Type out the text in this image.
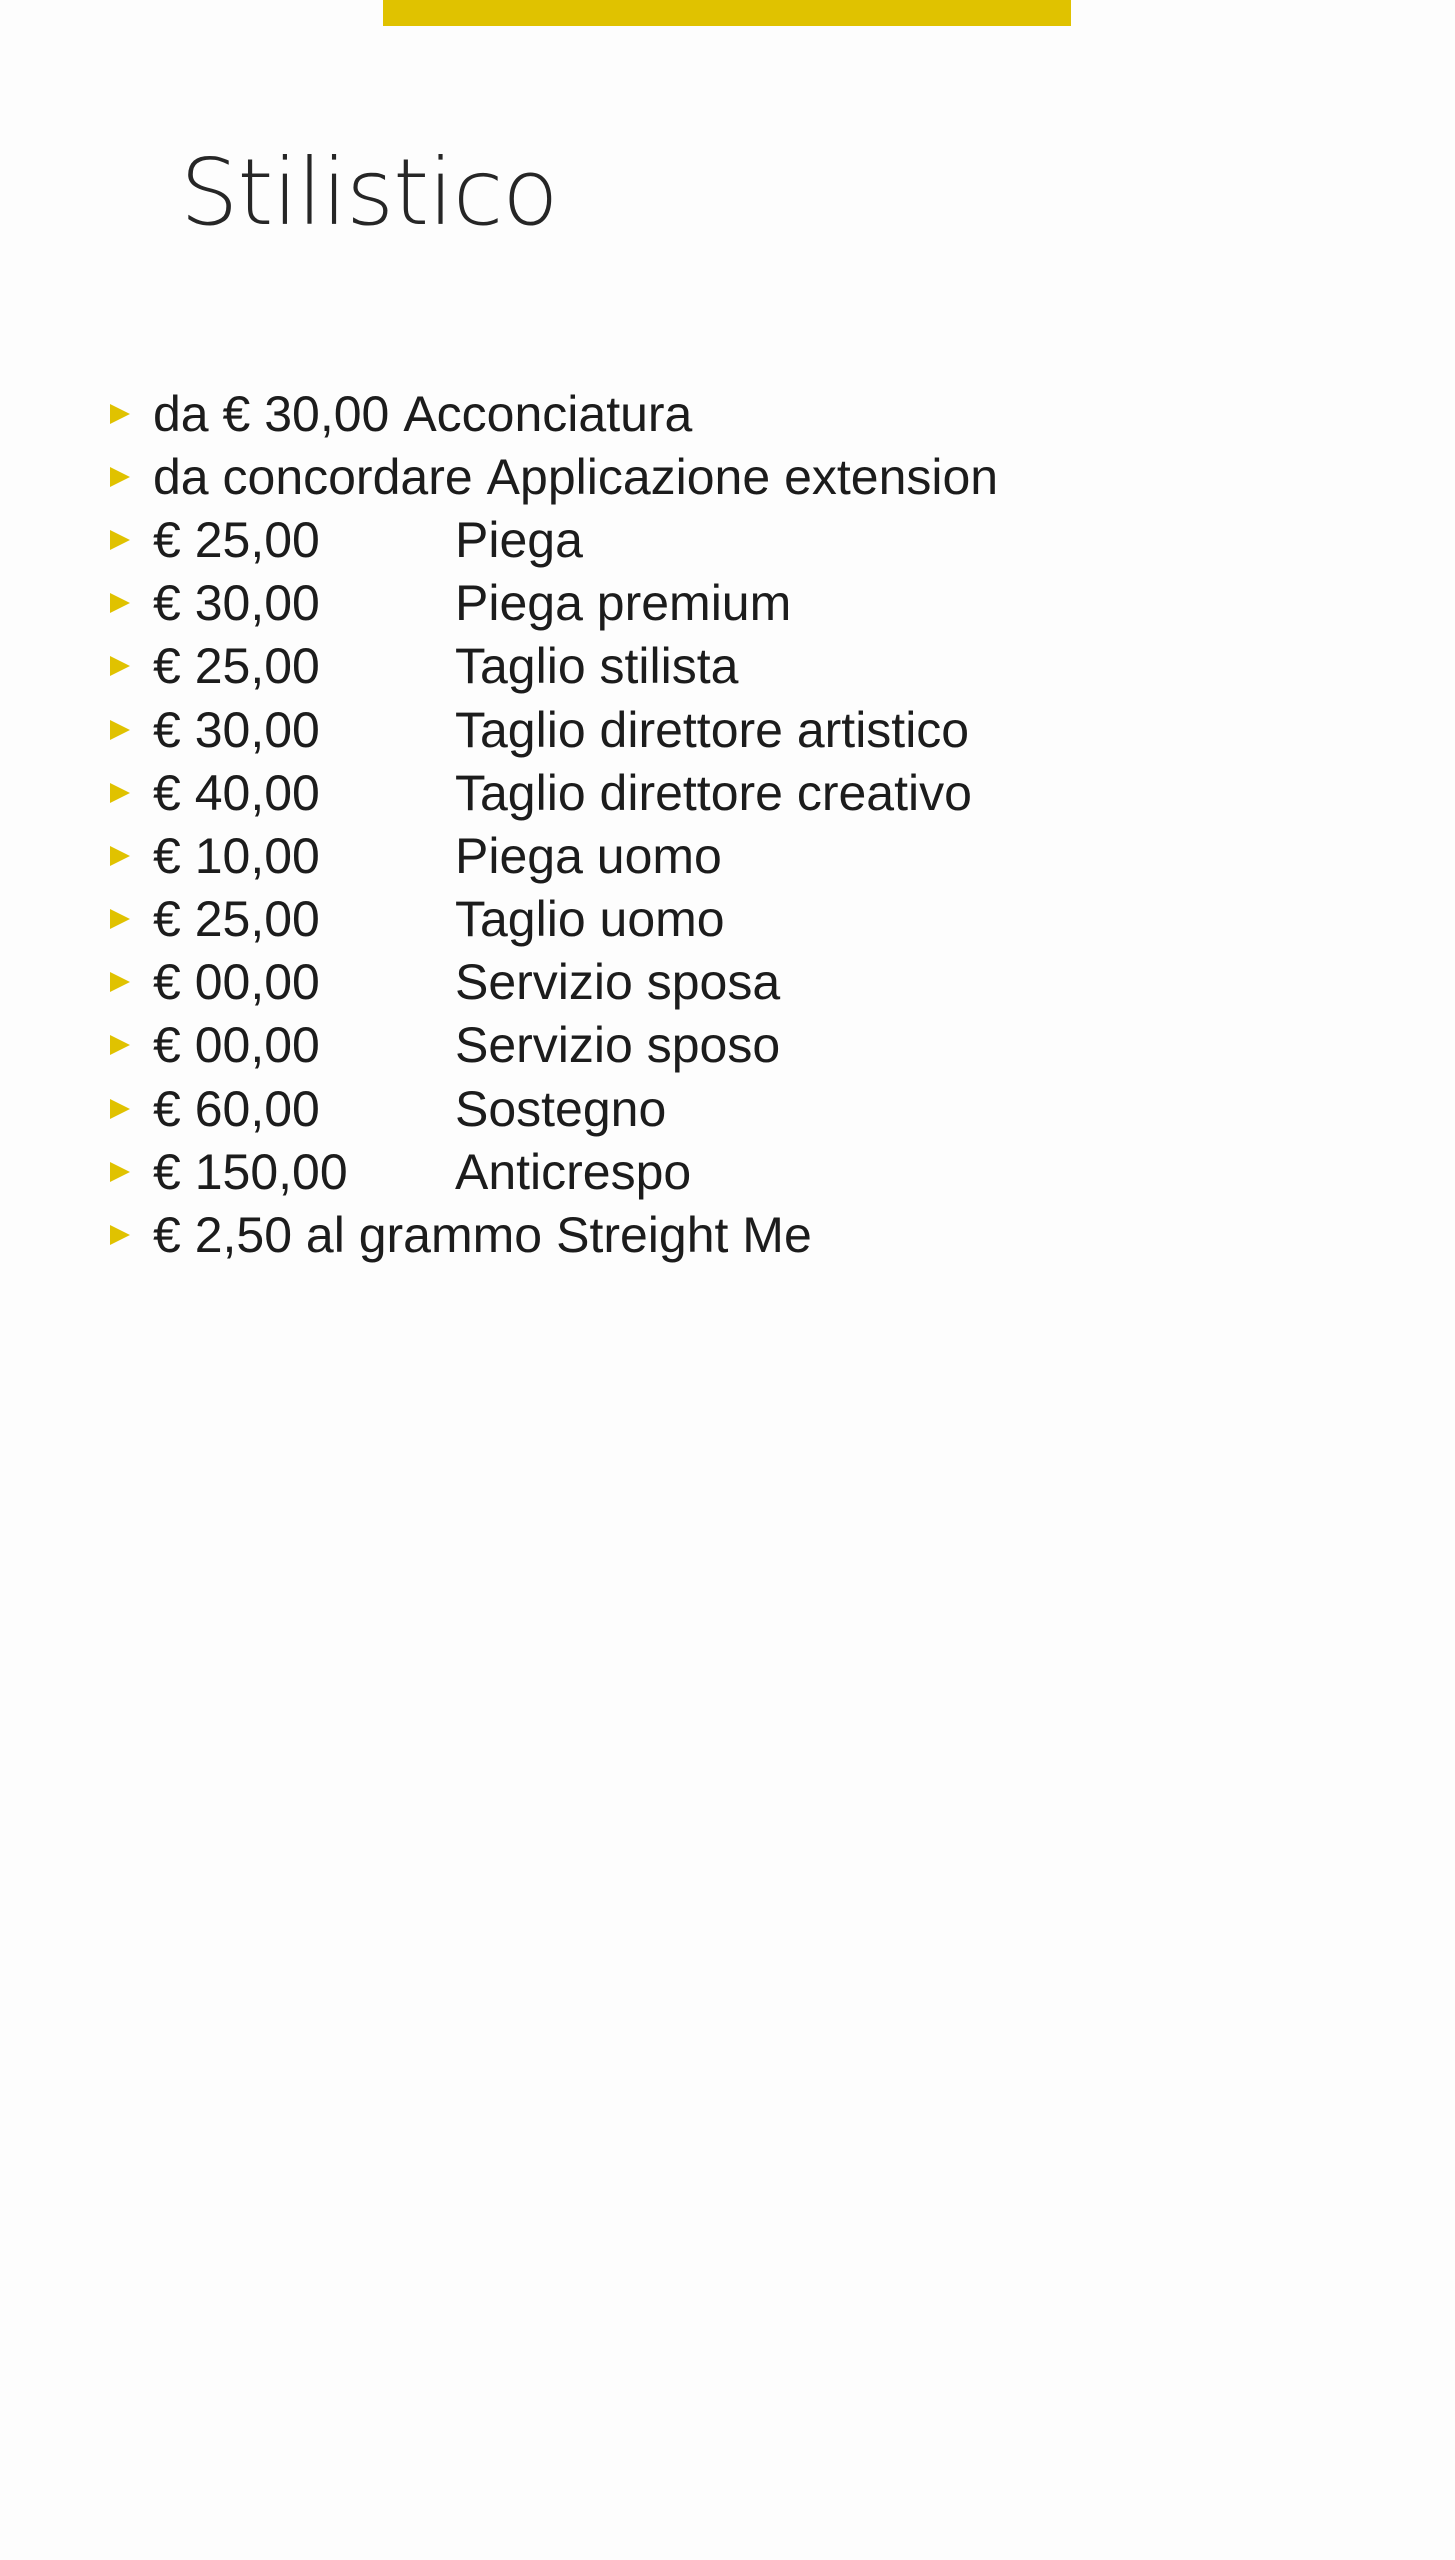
Stilistico
da € 30,00 Acconciatura
da concordare Applicazione extension
€ 25,00	Piega
€ 30,00	Piega premium
€ 25,00	Taglio stilista
€ 30,00	Taglio direttore artistico
€ 40,00	Taglio direttore creativo
€ 10,00	Piega uomo
€ 25,00	Taglio uomo
€ 00,00	Servizio sposa
€ 00,00	Servizio sposo
€ 60,00	Sostegno
€ 150,00	Anticrespo
€ 2,50 al grammo Streight Me
